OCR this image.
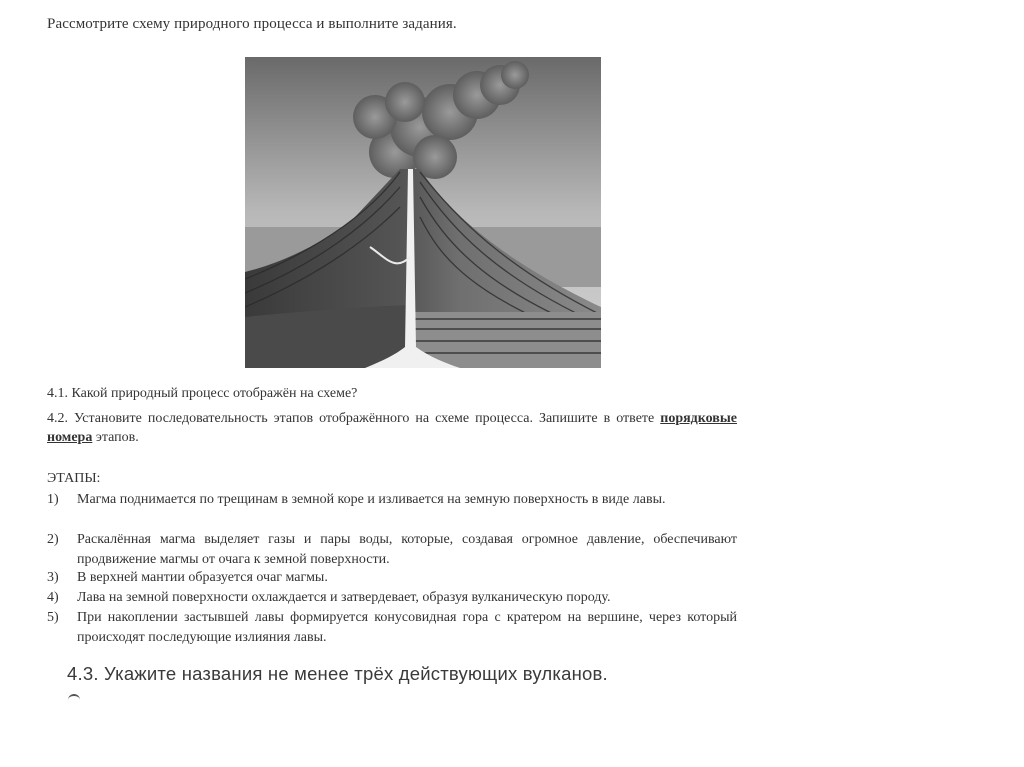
Рассмотрите схему природного процесса и выполните задания.
4.1. Какой природный процесс отображён на схеме?
4.2. Установите последовательность этапов отображённого на схеме процесса. Запишите в ответе порядковые номера этапов.
ЭТАПЫ:
1)	Магма поднимается по трещинам в земной коре и изливается на земную поверхность в виде лавы.
2)	Раскалённая магма выделяет газы и пары воды, которые, создавая огромное давление, обеспечивают продвижение магмы от очага к земной поверхности.
3)	В верхней мантии образуется очаг магмы.
4)	Лава на земной поверхности охлаждается и затвердевает, образуя вулканическую породу.
5)	При накоплении застывшей лавы формируется конусовидная гора с кратером на вершине, через который происходят последующие излияния лавы.
4.3. Укажите названия не менее трёх действующих вулканов.
